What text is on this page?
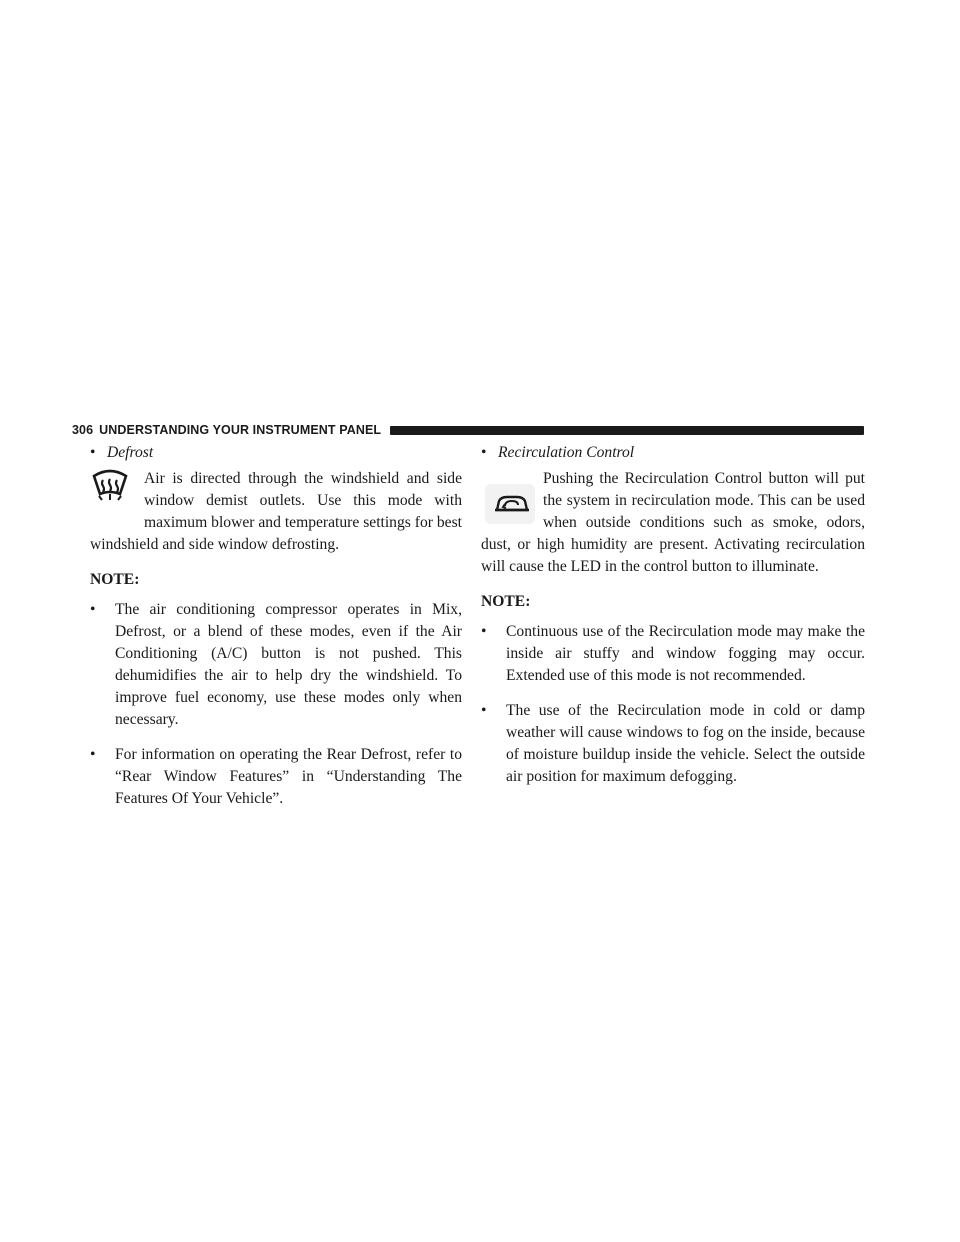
306 UNDERSTANDING YOUR INSTRUMENT PANEL
• Defrost

Air is directed through the windshield and side window demist outlets. Use this mode with maximum blower and temperature settings for best windshield and side window defrosting.

NOTE:
• The air conditioning compressor operates in Mix, Defrost, or a blend of these modes, even if the Air Conditioning (A/C) button is not pushed. This dehumidifies the air to help dry the windshield. To improve fuel economy, use these modes only when necessary.
• For information on operating the Rear Defrost, refer to “Rear Window Features” in “Understanding The Features Of Your Vehicle”.
• Recirculation Control

Pushing the Recirculation Control button will put the system in recirculation mode. This can be used when outside conditions such as smoke, odors, dust, or high humidity are present. Activating recirculation will cause the LED in the control button to illuminate.

NOTE:
• Continuous use of the Recirculation mode may make the inside air stuffy and window fogging may occur. Extended use of this mode is not recommended.
• The use of the Recirculation mode in cold or damp weather will cause windows to fog on the inside, because of moisture buildup inside the vehicle. Select the outside air position for maximum defogging.
